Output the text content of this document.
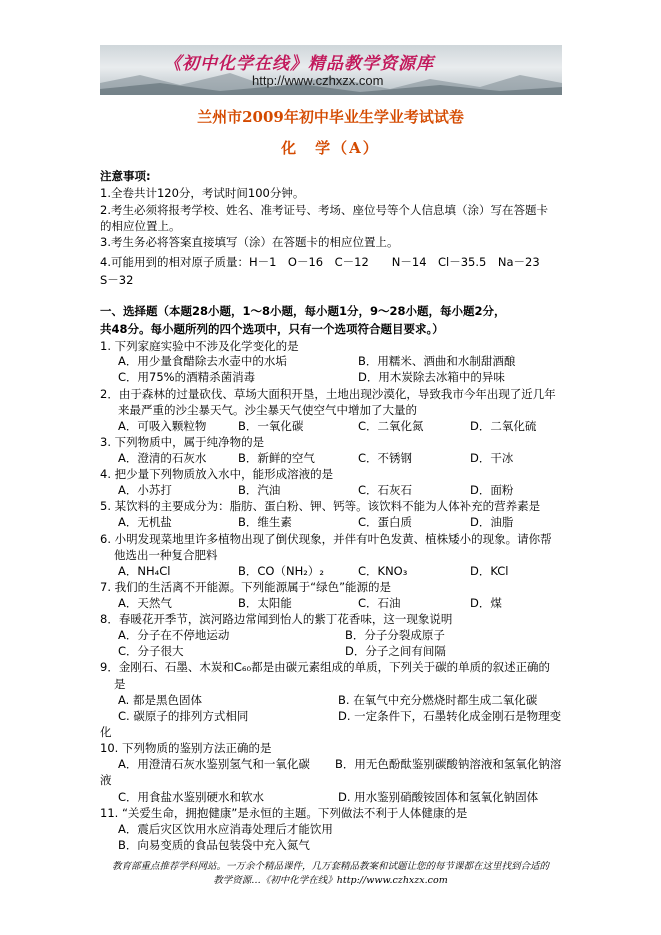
《初中化学在线》精品教学资源库
http://www.czhxzx.com
兰州市2009年初中毕业生学业考试试卷
化　学（A）
注意事项:
1.全卷共计120分，考试时间100分钟。
2.考生必须将报考学校、姓名、准考证号、考场、座位号等个人信息填（涂）写在答题卡
的相应位置上。
3.考生务必将答案直接填写（涂）在答题卡的相应位置上。
4.可能用到的相对原子质量：H－1　O－16　C－12　　N－14　Cl－35.5　Na－23
S－32
一、选择题（本题28小题，1～8小题，每小题1分，9～28小题，每小题2分，
共48分。每小题所列的四个选项中，只有一个选项符合题目要求。）
1. 下列家庭实验中不涉及化学变化的是
A．用少量食醋除去水壶中的水垢	B．用糯米、酒曲和水制甜酒酿
C．用75%的酒精杀菌消毒	D．用木炭除去冰箱中的异味
2．由于森林的过量砍伐、草场大面积开垦，土地出现沙漠化，导致我市今年出现了近几年
来最严重的沙尘暴天气。沙尘暴天气使空气中增加了大量的
A．可吸入颗粒物	B．一氧化碳	C．二氧化氮	D．二氧化硫
3. 下列物质中，属于纯净物的是
A．澄清的石灰水	B．新鲜的空气	C．不锈钢	D．干冰
4. 把少量下列物质放入水中，能形成溶液的是
A．小苏打	B．汽油	C．石灰石	D．面粉
5. 某饮料的主要成分为：脂肪、蛋白粉、钾、钙等。该饮料不能为人体补充的营养素是
A．无机盐	B．维生素	C．蛋白质	D．油脂
6. 小明发现菜地里许多植物出现了倒伏现象，并伴有叶色发黄、植株矮小的现象。请你帮
他选出一种复合肥料
A．NH₄Cl	B．CO（NH₂）₂	C．KNO₃	D．KCl
7. 我们的生活离不开能源。下列能源属于“绿色”能源的是
A．天然气	B．太阳能	C．石油	D．煤
8．春暖花开季节，滨河路边常闻到怡人的紫丁花香味，这一现象说明
A．分子在不停地运动	B．分子分裂成原子
C．分子很大	D．分子之间有间隔
9．金刚石、石墨、木炭和C₆₀都是由碳元素组成的单质，下列关于碳的单质的叙述正确的
是
A. 都是黑色固体	B. 在氧气中充分燃烧时都生成二氧化碳
C. 碳原子的排列方式相同	D. 一定条件下，石墨转化成金刚石是物理变
化
10. 下列物质的鉴别方法正确的是
A．用澄清石灰水鉴别氢气和一氧化碳 B．用无色酚酞鉴别碳酸钠溶液和氢氧化钠溶
液
C．用食盐水鉴别硬水和软水	D. 用水鉴别硝酸铵固体和氢氧化钠固体
11. “关爱生命，拥抱健康”是永恒的主题。下列做法不利于人体健康的是
A．震后灾区饮用水应消毒处理后才能饮用
B．向易变质的食品包装袋中充入氮气
教育部重点推荐学科网站。一万余个精品课件，几万套精品教案和试题让您的每节课都在这里找到合适的
教学资源…《初中化学在线》http://www.czhxzx.com
